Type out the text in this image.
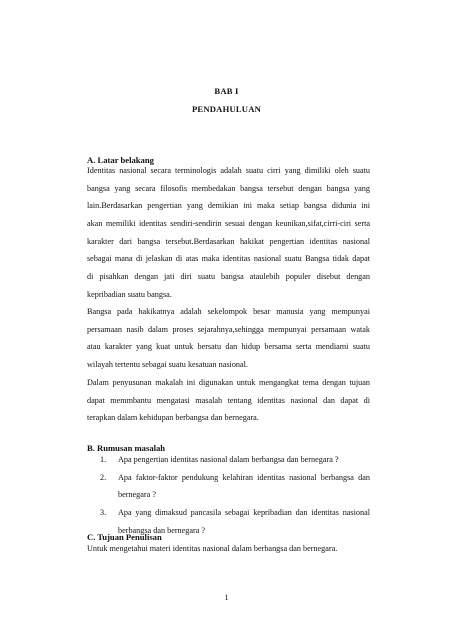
BAB I
PENDAHULUAN
A. Latar belakang
Identitas nasional secara terminologis adalah suatu cirri yang dimiliki oleh suatu
bangsa yang secara filosofis membedakan bangsa tersebut dengan bangsa yang
lain.Berdasarkan pengertian yang demikian ini maka setiap bangsa didunia ini
akan memiliki identitas sendiri-sendirin sesuai dengan keunikan,sifat,cirri-ciri serta
karakter dari bangsa tersebut.Berdasarkan hakikat pengertian identitas nasional
sebagai mana di jelaskan di atas maka identitas nasional suatu Bangsa tidak dapat
di pisahkan dengan jati diri suatu bangsa ataulebih populer disebut dengan
kepribadian suatu bangsa.
Bangsa pada hakikatnya adalah sekelompok besar manusia yang mempunyai
persamaan nasib dalam proses sejarahnya,sehingga mempunyai persamaan watak
atau karakter yang kuat untuk bersatu dan hidup bersama serta mendiami suatu
wilayah tertentu sebagai suatu kesatuan nasional.
Dalam penyusunan makalah ini digunakan untuk mengangkat tema dengan tujuan
dapat memmbantu mengatasi masalah tentang identitas nasional dan dapat di
terapkan dalam kehidupan berbangsa dan bernegara.
B. Rumusan masalah
1. Apa pengertian identitas nasional dalam berbangsa dan bernegara ?
2. Apa faktor-faktor pendukung kelahiran identitas nasional berbangsa dan
bernegara ?
3. Apa yang dimaksud pancasila sebagai kepribadian dan identitas nasional
berbangsa dan bernegara ?
C. Tujuan Penulisan
Untuk mengetahui materi identitas nasional dalam berbangsa dan bernegara.
1
